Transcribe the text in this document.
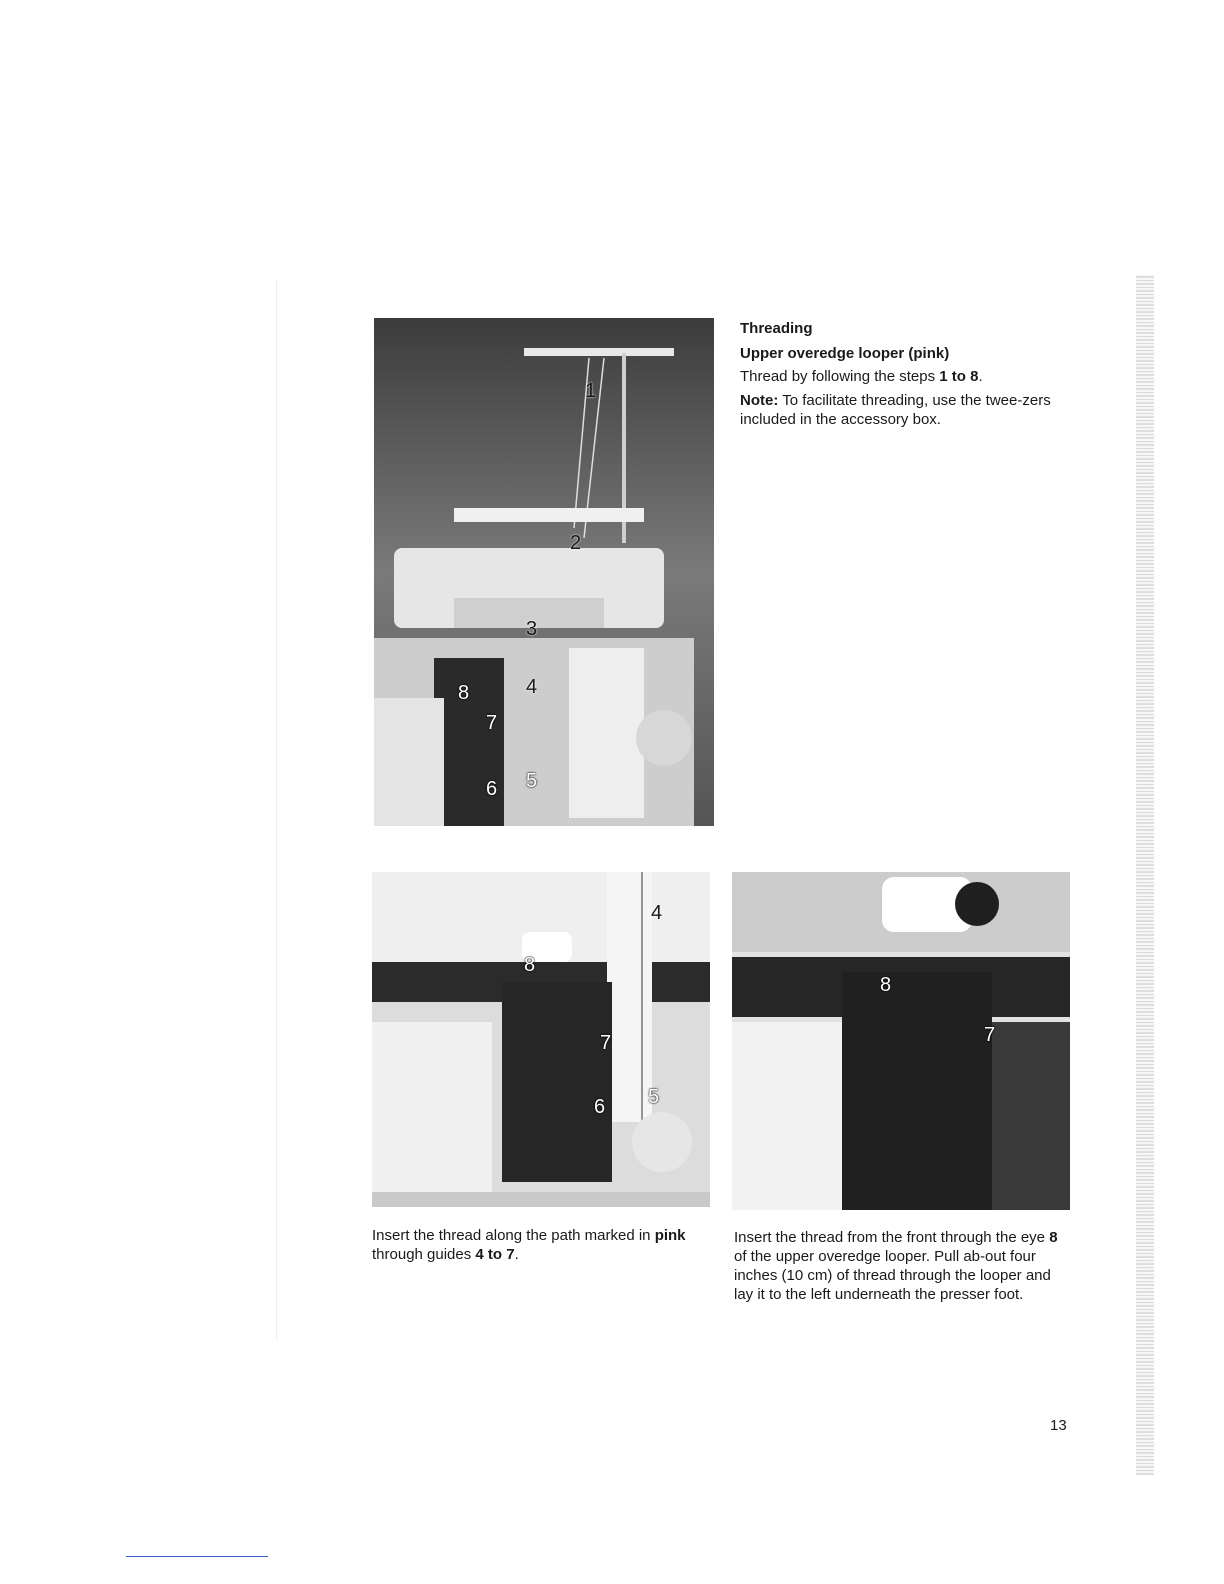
1
2
3
4
8
7
6 5
Threading
Upper overedge looper (pink)
Thread by following the steps 1 to 8.
Note: To facilitate threading, use the twee-zers included in the accessory box.
4
8
7
6 5
8
7
Insert the thread along the path marked in pink through guides 4 to 7.
Insert the thread from the front through the eye 8 of the upper overedge looper. Pull ab-out four inches (10 cm) of thread through the looper and lay it to the left underneath the presser foot.
13
